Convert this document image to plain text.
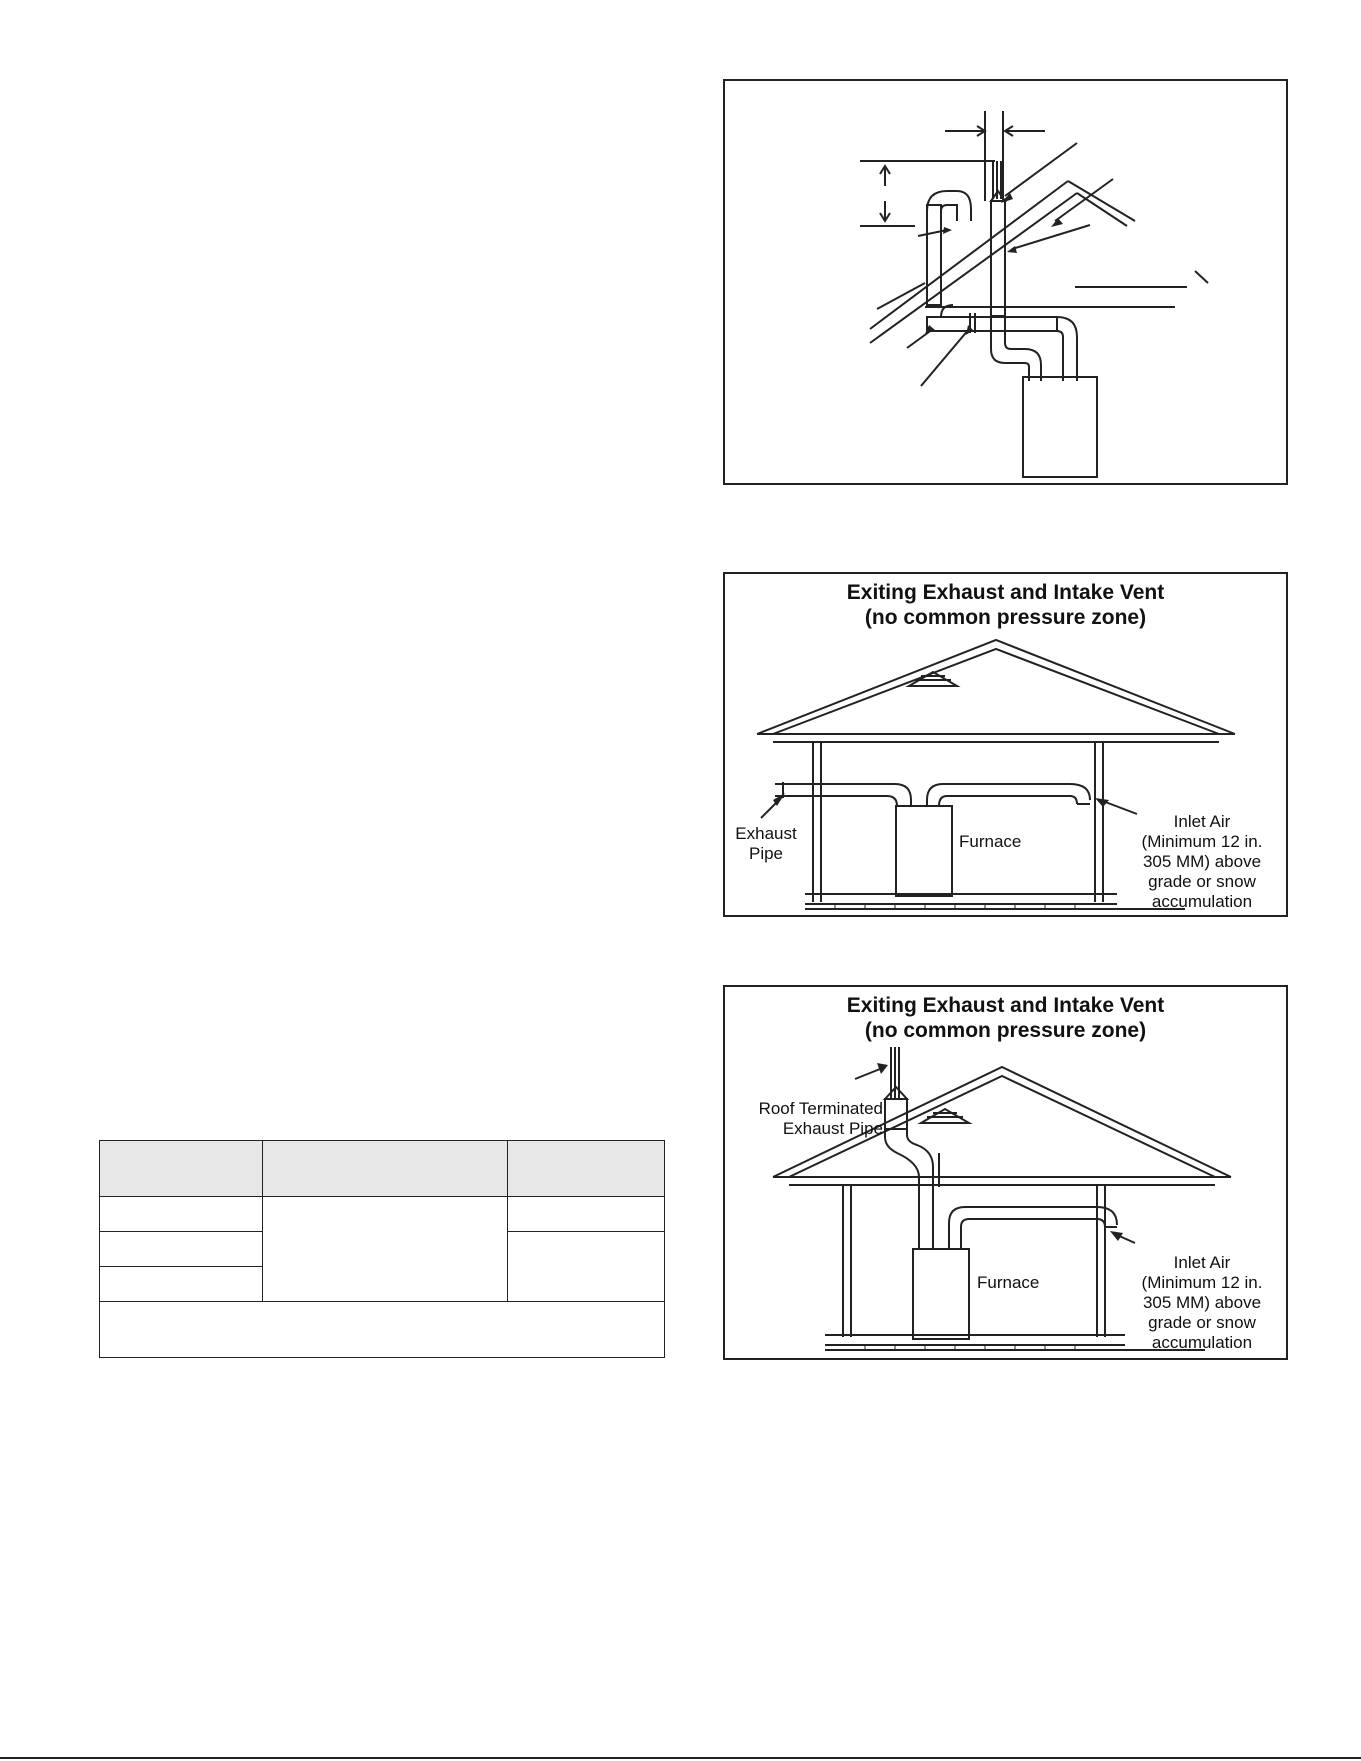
Exiting Exhaust and Intake Vent
(no common pressure zone)
Exhaust
Pipe
Furnace
Inlet Air
(Minimum 12 in.
305 MM) above
grade or snow
accumulation
Exiting Exhaust and Intake Vent
(no common pressure zone)
Roof Terminated
Exhaust Pipe
Furnace
Inlet Air
(Minimum 12 in.
305 MM) above
grade or snow
accumulation
